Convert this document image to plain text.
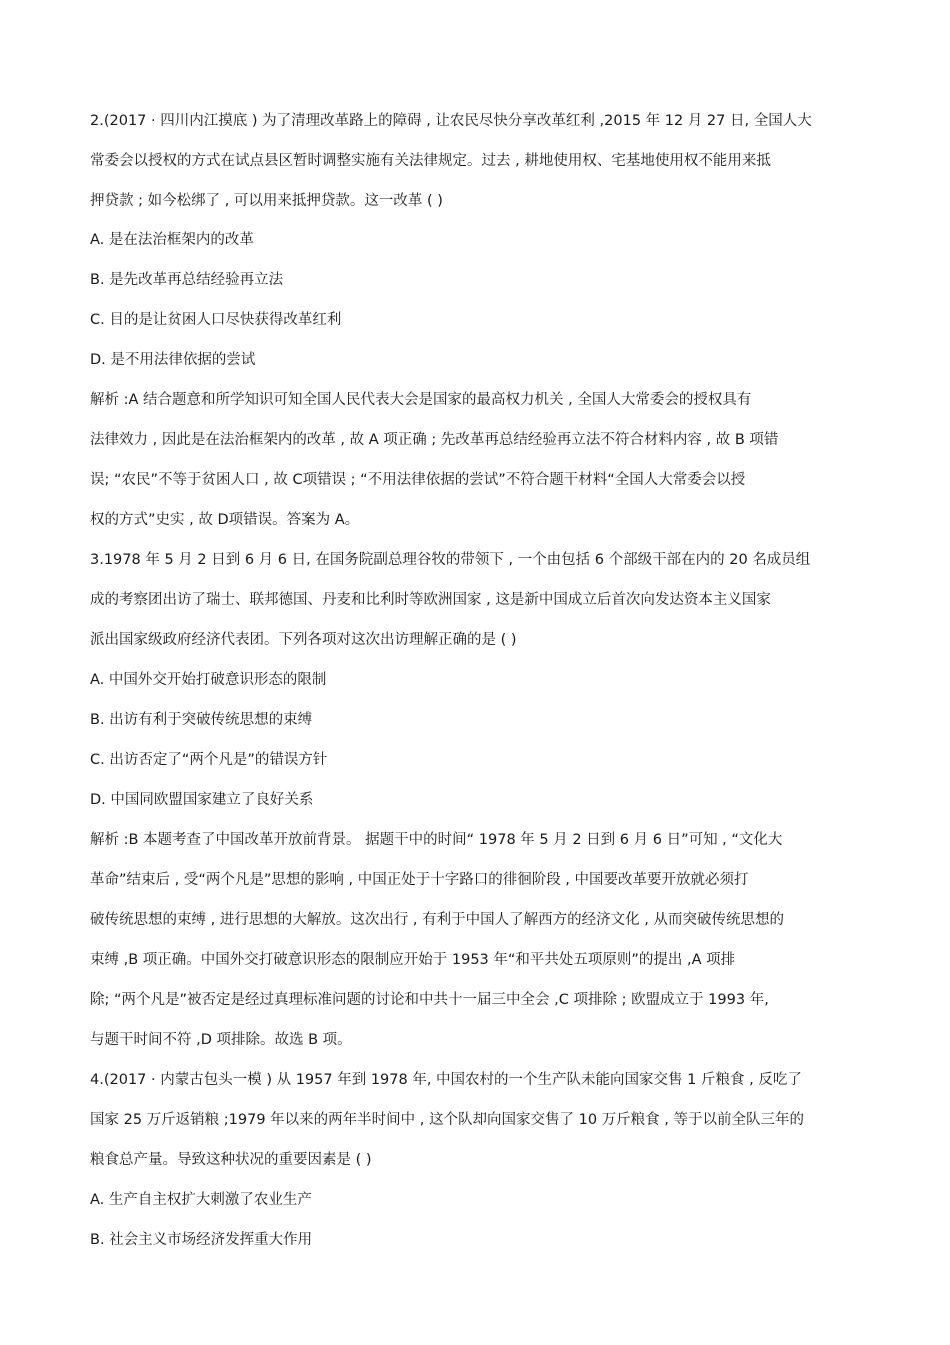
2.(2017 · 四川内江摸底 ) 为了清理改革路上的障碍 , 让农民尽快分享改革红利 ,2015 年 12 月 27 日, 全国人大
常委会以授权的方式在试点县区暂时调整实施有关法律规定。过去 , 耕地使用权、宅基地使用权不能用来抵
押贷款 ; 如今松绑了 , 可以用来抵押贷款。这一改革 ( )
A. 是在法治框架内的改革
B. 是先改革再总结经验再立法
C. 目的是让贫困人口尽快获得改革红利
D. 是不用法律依据的尝试
解析 :A 结合题意和所学知识可知全国人民代表大会是国家的最高权力机关 , 全国人大常委会的授权具有
法律效力 , 因此是在法治框架内的改革 , 故 A 项正确 ; 先改革再总结经验再立法不符合材料内容 , 故 B 项错
误; “农民”不等于贫困人口 , 故 C项错误 ; “不用法律依据的尝试”不符合题干材料“全国人大常委会以授
权的方式”史实 , 故 D项错误。答案为 A。
3.1978 年 5 月 2 日到 6 月 6 日, 在国务院副总理谷牧的带领下 , 一个由包括 6 个部级干部在内的 20 名成员组
成的考察团出访了瑞士、联邦德国、丹麦和比利时等欧洲国家 , 这是新中国成立后首次向发达资本主义国家
派出国家级政府经济代表团。下列各项对这次出访理解正确的是 ( )
A. 中国外交开始打破意识形态的限制
B. 出访有利于突破传统思想的束缚
C. 出访否定了“两个凡是”的错误方针
D. 中国同欧盟国家建立了良好关系
解析 :B 本题考查了中国改革开放前背景。 据题干中的时间“ 1978 年 5 月 2 日到 6 月 6 日”可知 , “文化大
革命”结束后 , 受“两个凡是”思想的影响 , 中国正处于十字路口的徘徊阶段 , 中国要改革要开放就必须打
破传统思想的束缚 , 进行思想的大解放。这次出行 , 有利于中国人了解西方的经济文化 , 从而突破传统思想的
束缚 ,B 项正确。中国外交打破意识形态的限制应开始于 1953 年“和平共处五项原则”的提出 ,A 项排
除; “两个凡是”被否定是经过真理标准问题的讨论和中共十一届三中全会 ,C 项排除 ; 欧盟成立于 1993 年,
与题干时间不符 ,D 项排除。故选 B 项。
4.(2017 · 内蒙古包头一模 ) 从 1957 年到 1978 年, 中国农村的一个生产队未能向国家交售 1 斤粮食 , 反吃了
国家 25 万斤返销粮 ;1979 年以来的两年半时间中 , 这个队却向国家交售了 10 万斤粮食 , 等于以前全队三年的
粮食总产量。导致这种状况的重要因素是 ( )
A. 生产自主权扩大刺激了农业生产
B. 社会主义市场经济发挥重大作用
